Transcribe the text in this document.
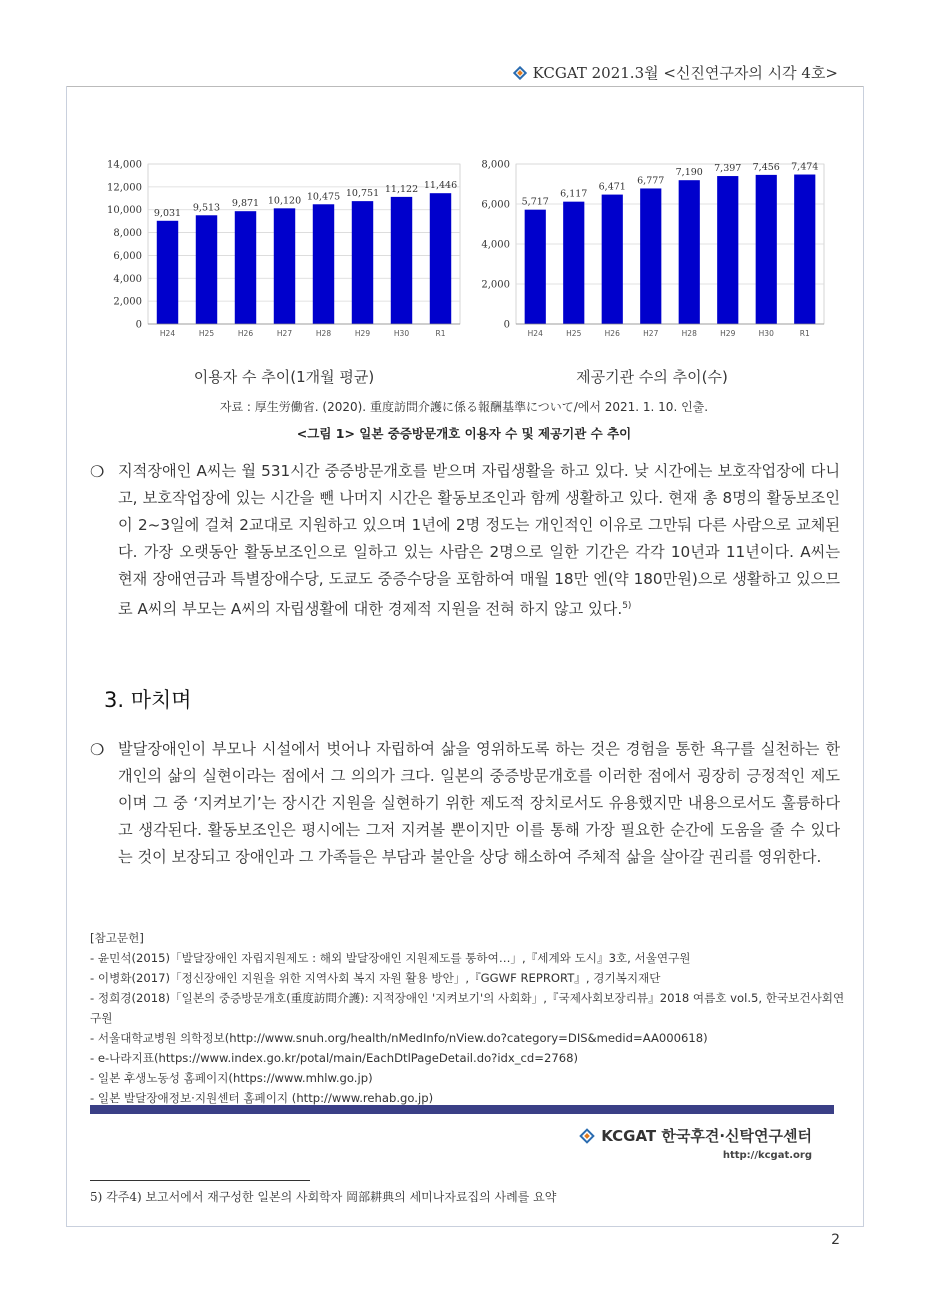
KCGAT 2021.3월 <신진연구자의 시각 4호>
0
2,000
4,000
6,000
8,000
10,000
12,000
14,000
9,031
H24
9,513
H25
9,871
H26
10,120
H27
10,475
H28
10,751
H29
11,122
H30
11,446
R1
이용자 수 추이(1개월 평균)
0
2,000
4,000
6,000
8,000
5,717
H24
6,117
H25
6,471
H26
6,777
H27
7,190
H28
7,397
H29
7,456
H30
7,474
R1
제공기관 수의 추이(수)
자료 : 厚生労働省. (2020). 重度訪問介護に係る報酬基準について/에서 2021. 1. 10. 인출.
<그림 1> 일본 중증방문개호 이용자 수 및 제공기관 수 추이
❍ 지적장애인 A씨는 월 531시간 중증방문개호를 받으며 자립생활을 하고 있다. 낮 시간에는 보호작업장에 다니고, 보호작업장에 있는 시간을 뺀 나머지 시간은 활동보조인과 함께 생활하고 있다. 현재 총 8명의 활동보조인이 2~3일에 걸쳐 2교대로 지원하고 있으며 1년에 2명 정도는 개인적인 이유로 그만둬 다른 사람으로 교체된다. 가장 오랫동안 활동보조인으로 일하고 있는 사람은 2명으로 일한 기간은 각각 10년과 11년이다. A씨는 현재 장애연금과 특별장애수당, 도쿄도 중증수당을 포함하여 매월 18만 엔(약 180만원)으로 생활하고 있으므로 A씨의 부모는 A씨의 자립생활에 대한 경제적 지원을 전혀 하지 않고 있다.$^{5)}$
3. 마치며
❍ 발달장애인이 부모나 시설에서 벗어나 자립하여 삶을 영위하도록 하는 것은 경험을 통한 욕구를 실천하는 한 개인의 삶의 실현이라는 점에서 그 의의가 크다. 일본의 중증방문개호를 이러한 점에서 굉장히 긍정적인 제도이며 그 중 ‘지켜보기’는 장시간 지원을 실현하기 위한 제도적 장치로서도 유용했지만 내용으로서도 훌륭하다고 생각된다. 활동보조인은 평시에는 그저 지켜볼 뿐이지만 이를 통해 가장 필요한 순간에 도움을 줄 수 있다는 것이 보장되고 장애인과 그 가족들은 부담과 불안을 상당 해소하여 주체적 삶을 살아갈 권리를 영위한다.
[참고문헌]
- 윤민석(2015)「발달장애인 자립지원제도 : 해외 발달장애인 지원제도를 통하여…」,『세계와 도시』3호, 서울연구원
- 이병화(2017)「정신장애인 지원을 위한 지역사회 복지 자원 활용 방안」,『GGWF REPRORT』, 경기복지재단
- 정희경(2018)「일본의 중증방문개호(重度訪問介護): 지적장애인 '지켜보기'의 사회화」,『국제사회보장리뷰』2018 여름호 vol.5, 한국보건사회연구원
- 서울대학교병원 의학정보(http://www.snuh.org/health/nMedInfo/nView.do?category=DIS&medid=AA000618)
- e-나라지표(https://www.index.go.kr/potal/main/EachDtlPageDetail.do?idx_cd=2768)
- 일본 후생노동성 홈페이지(https://www.mhlw.go.jp)
- 일본 발달장애정보·지원센터 홈페이지 (http://www.rehab.go.jp)
KCGAT 한국후견·신탁연구센터
http://kcgat.org
5) 각주4) 보고서에서 재구성한 일본의 사회학자 岡部耕典의 세미나자료집의 사례를 요약
2
